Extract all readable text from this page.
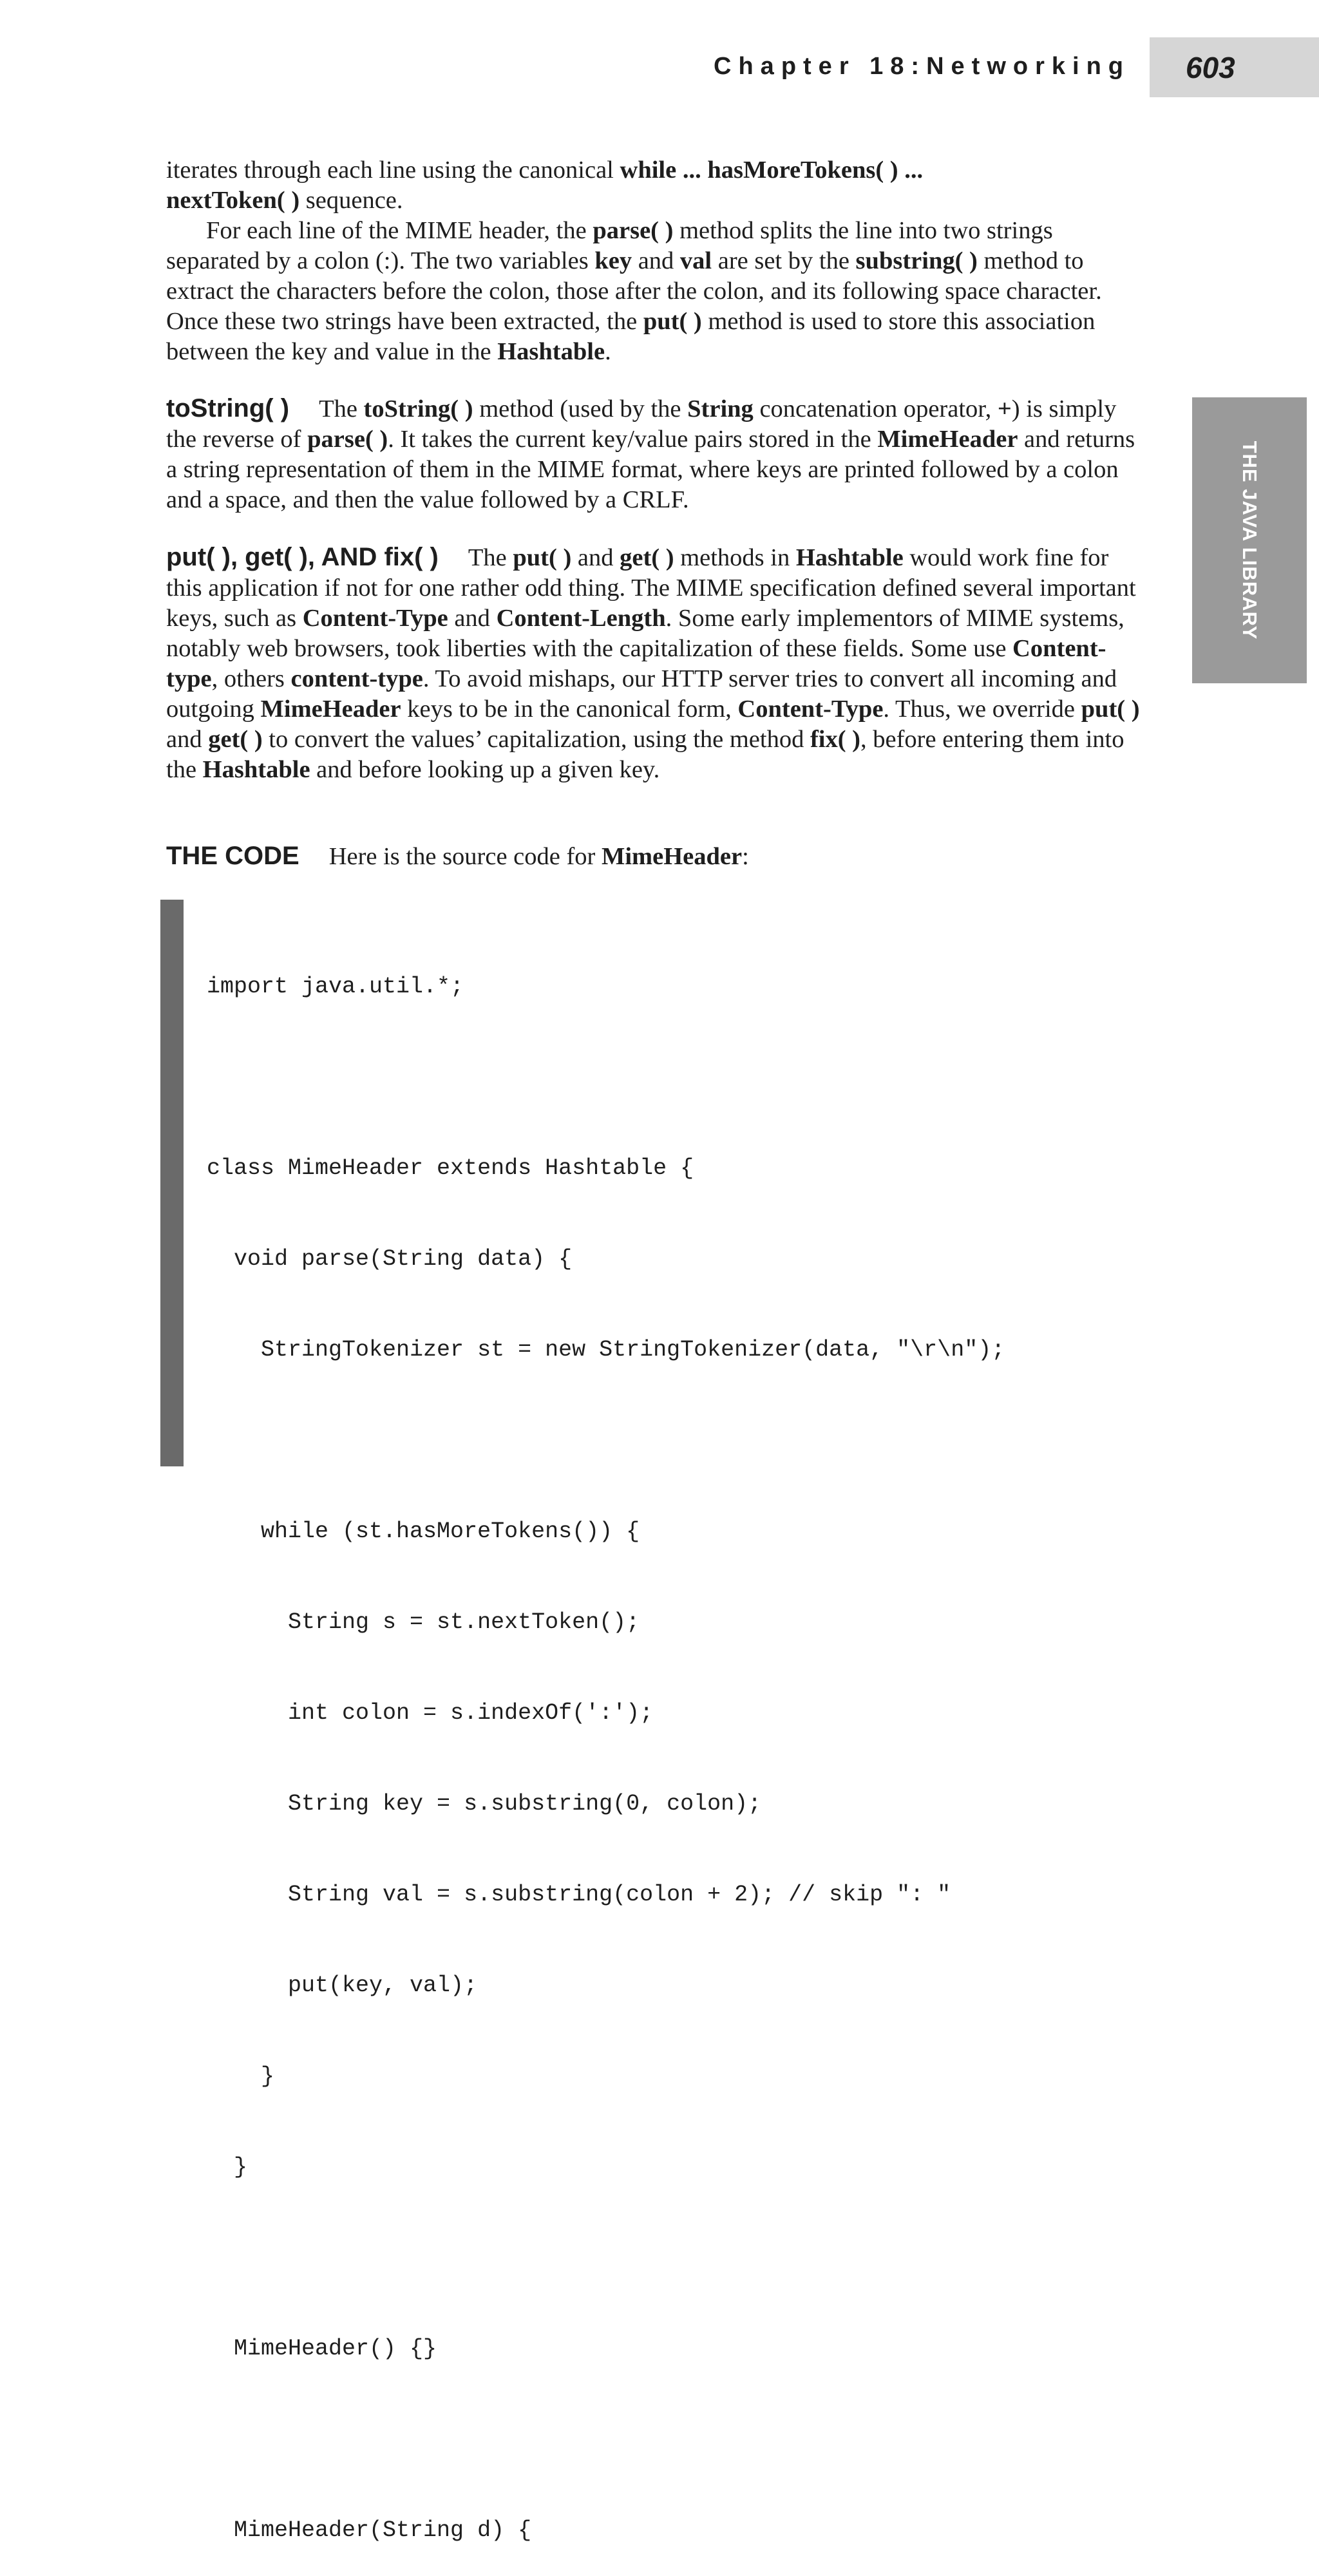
Chapter 18: Networking 603
THE JAVA LIBRARY

iterates through each line using the canonical while ... hasMoreTokens( ) ...
nextToken( ) sequence.

For each line of the MIME header, the parse( ) method splits the line into two strings separated by a colon (:). The two variables key and val are set by the substring( ) method to extract the characters before the colon, those after the colon, and its following space character. Once these two strings have been extracted, the put( ) method is used to store this association between the key and value in the Hashtable.

toString( ) The toString( ) method (used by the String concatenation operator, +) is simply the reverse of parse( ). It takes the current key/value pairs stored in the MimeHeader and returns a string representation of them in the MIME format, where keys are printed followed by a colon and a space, and then the value followed by a CRLF.

put( ), get( ), AND fix( ) The put( ) and get( ) methods in Hashtable would work fine for this application if not for one rather odd thing. The MIME specification defined several important keys, such as Content-Type and Content-Length. Some early implementors of MIME systems, notably web browsers, took liberties with the capitalization of these fields. Some use Content-type, others content-type. To avoid mishaps, our HTTP server tries to convert all incoming and outgoing MimeHeader keys to be in the canonical form, Content-Type. Thus, we override put( ) and get( ) to convert the values’ capitalization, using the method fix( ), before entering them into the Hashtable and before looking up a given key.

THE CODE Here is the source code for MimeHeader:

import java.util.*;

class MimeHeader extends Hashtable {

void parse(String data) {

StringTokenizer st = new StringTokenizer(data, "\r\n");

while (st.hasMoreTokens()) {

String s = st.nextToken();

int colon = s.indexOf(':');

String key = s.substring(0, colon);

String val = s.substring(colon + 2); // skip ": "

put(key, val);

}

}

MimeHeader() {}

MimeHeader(String d) {
